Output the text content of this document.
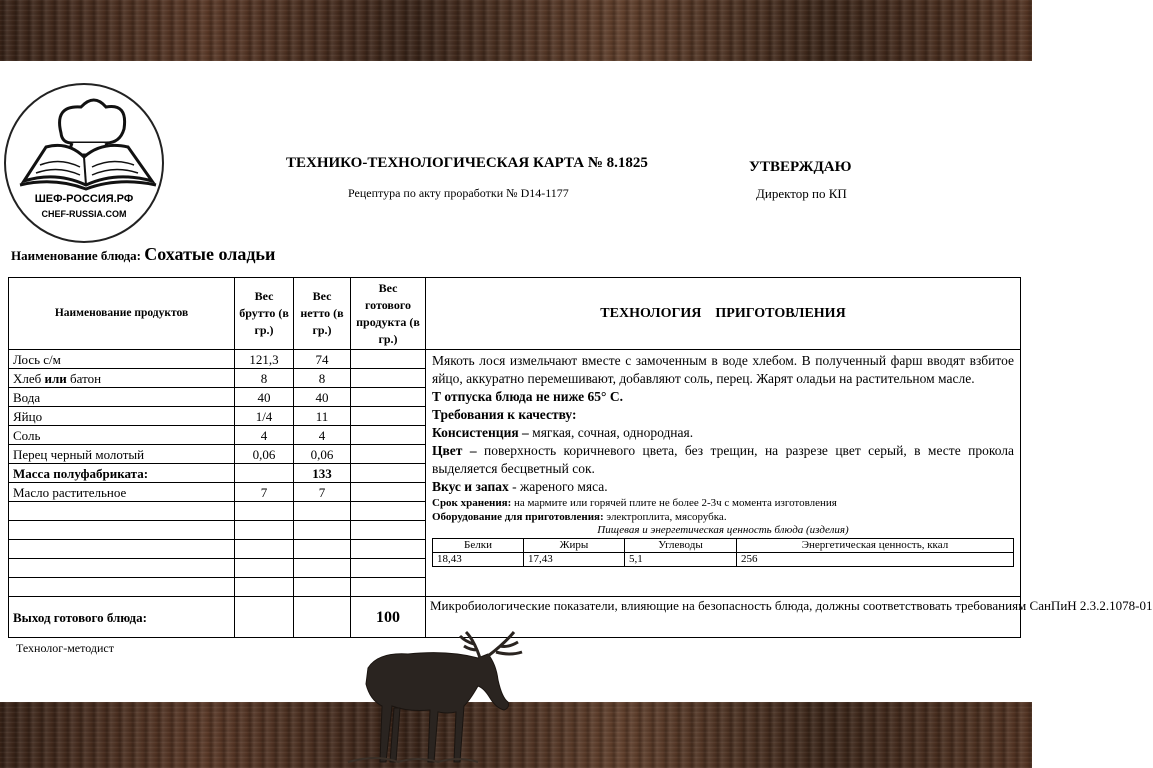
ШЕФ-РОССИЯ.РФ
CHEF-RUSSIA.COM
ТЕХНИКО-ТЕХНОЛОГИЧЕСКАЯ КАРТА № 8.1825
Рецептура по акту проработки № D14-1177
УТВЕРЖДАЮ
Директор по КП
Наименование блюда: Сохатые оладьи
Наименование продуктов	Вес брутто (в гр.)	Вес нетто (в гр.)	Вес готового продукта (в гр.)	ТЕХНОЛОГИЯ    ПРИГОТОВЛЕНИЯ
Лось с/м	121,3	74		Мякоть лося измельчают вместе с замоченным в воде хлебом. В полученный фарш вводят взбитое яйцо, аккуратно перемешивают, добавляют соль, перец. Жарят оладьи на растительном масле.

Т отпуска блюда не ниже 65° С.

Требования к качеству:

Консистенция – мягкая, сочная, однородная.

Цвет – поверхность коричневого цвета, без трещин, на разрезе цвет серый, в месте прокола выделяется бесцветный сок.

Вкус и запах - жареного мяса.

Срок хранения: на мармите или горячей плите не более 2-3ч с момента изготовления

Оборудование для приготовления: электроплита, мясорубка.

Пищевая и энергетическая ценность блюда (изделия)

Белки	Жиры	Углеводы	Энергетическая ценность, ккал
18,43	17,43	5,1	256

Хлеб или батон	8	8	
Вода	40	40	
Яйцо	1/4	11	
Соль	4	4	
Перец черный молотый	0,06	0,06	
Масса полуфабриката:		133	
Масло растительное	7	7	

Выход готового блюда:			100	

Микробиологические показатели, влияющие на безопасность блюда, должны соответствовать требованиям СанПиН 2.3.2.1078-01

Технолог-методист
